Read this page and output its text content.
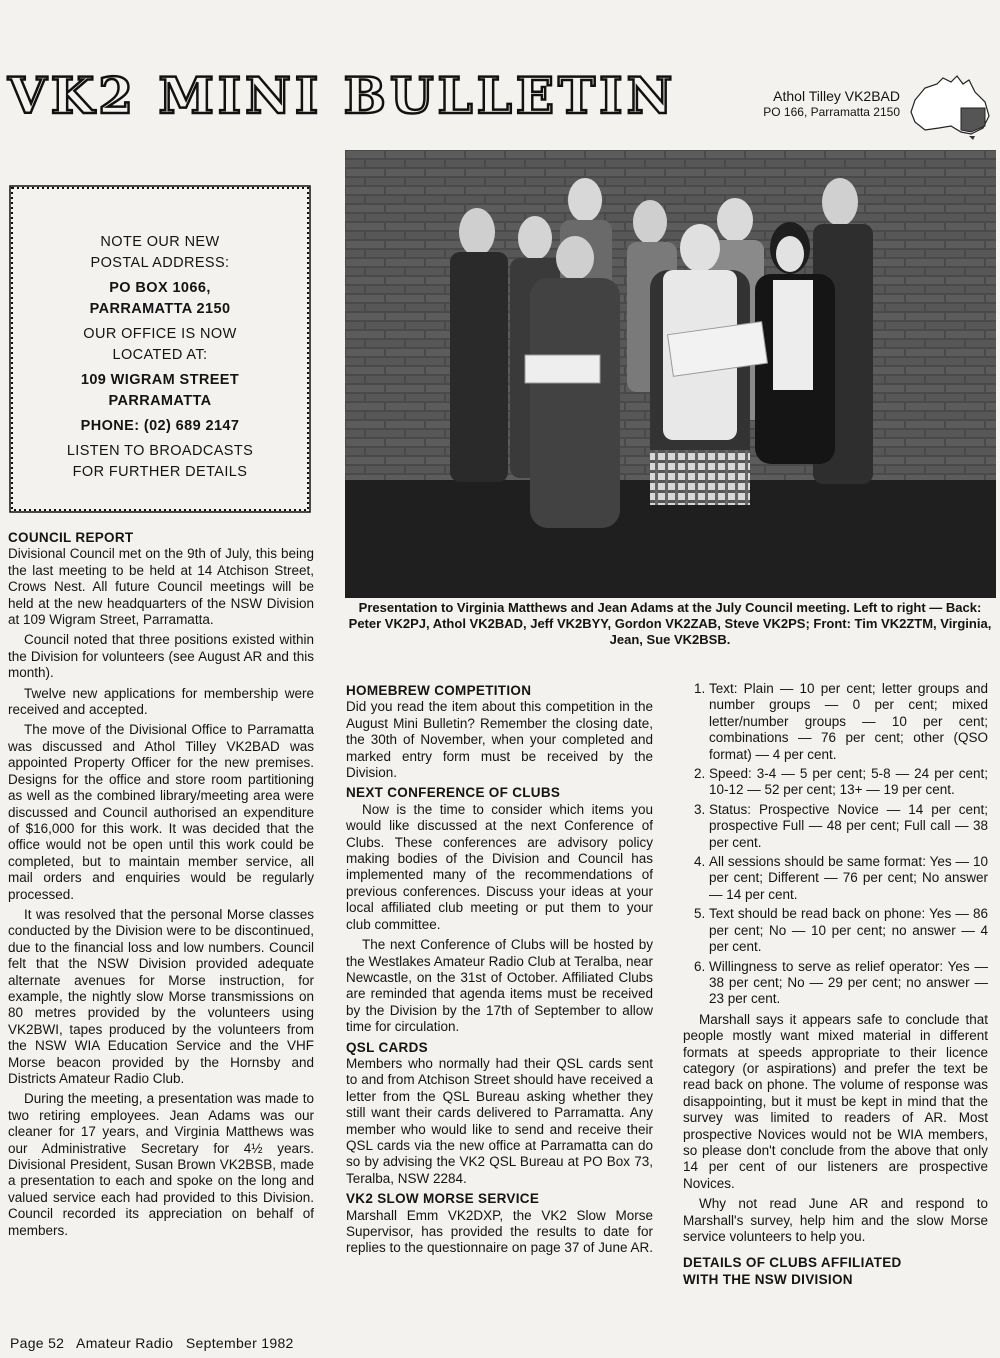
VK2 MINI BULLETIN	Athol Tilley VK2BAD
PO 166, Parramatta 2150

NOTE OUR NEW
POSTAL ADDRESS:

PO BOX 1066,
PARRAMATTA 2150

OUR OFFICE IS NOW
LOCATED AT:

109 WIGRAM STREET
PARRAMATTA

PHONE: (02) 689 2147

LISTEN TO BROADCASTS
FOR FURTHER DETAILS

Presentation to Virginia Matthews and Jean Adams at the July Council meeting. Left to right — Back: Peter VK2PJ, Athol VK2BAD, Jeff VK2BYY, Gordon VK2ZAB, Steve VK2PS; Front: Tim VK2ZTM, Virginia, Jean, Sue VK2BSB.
COUNCIL REPORT

Divisional Council met on the 9th of July, this being the last meeting to be held at 14 Atchison Street, Crows Nest. All future Council meetings will be held at the new headquarters of the NSW Division at 109 Wigram Street, Parramatta.

Council noted that three positions existed within the Division for volunteers (see August AR and this month).

Twelve new applications for membership were received and accepted.

The move of the Divisional Office to Parramatta was discussed and Athol Tilley VK2BAD was appointed Property Officer for the new premises. Designs for the office and store room partitioning as well as the combined library/meeting area were discussed and Council authorised an expenditure of $16,000 for this work. It was decided that the office would not be open until this work could be completed, but to maintain member service, all mail orders and enquiries would be regularly processed.

It was resolved that the personal Morse classes conducted by the Division were to be discontinued, due to the financial loss and low numbers. Council felt that the NSW Division provided adequate alternate avenues for Morse instruction, for example, the nightly slow Morse transmissions on 80 metres provided by the volunteers using VK2BWI, tapes produced by the volunteers from the NSW WIA Education Service and the VHF Morse beacon provided by the Hornsby and Districts Amateur Radio Club.

During the meeting, a presentation was made to two retiring employees. Jean Adams was our cleaner for 17 years, and Virginia Matthews was our Administrative Secretary for 4½ years. Divisional President, Susan Brown VK2BSB, made a presentation to each and spoke on the long and valued service each had provided to this Division. Council recorded its appreciation on behalf of members.

HOMEBREW COMPETITION

Did you read the item about this competition in the August Mini Bulletin? Remember the closing date, the 30th of November, when your completed and marked entry form must be received by the Division.

NEXT CONFERENCE OF CLUBS

Now is the time to consider which items you would like discussed at the next Conference of Clubs. These conferences are advisory policy making bodies of the Division and Council has implemented many of the recommendations of previous conferences. Discuss your ideas at your local affiliated club meeting or put them to your club committee.

The next Conference of Clubs will be hosted by the Westlakes Amateur Radio Club at Teralba, near Newcastle, on the 31st of October. Affiliated Clubs are reminded that agenda items must be received by the Division by the 17th of September to allow time for circulation.

QSL CARDS

Members who normally had their QSL cards sent to and from Atchison Street should have received a letter from the QSL Bureau asking whether they still want their cards delivered to Parramatta. Any member who would like to send and receive their QSL cards via the new office at Parramatta can do so by advising the VK2 QSL Bureau at PO Box 73, Teralba, NSW 2284.

VK2 SLOW MORSE SERVICE

Marshall Emm VK2DXP, the VK2 Slow Morse Supervisor, has provided the results to date for replies to the questionnaire on page 37 of June AR.

1. Text: Plain — 10 per cent; letter groups and number groups — 0 per cent; mixed letter/number groups — 10 per cent; combinations — 76 per cent; other (QSO format) — 4 per cent.
2. Speed: 3-4 — 5 per cent; 5-8 — 24 per cent; 10-12 — 52 per cent; 13+ — 19 per cent.
3. Status: Prospective Novice — 14 per cent; prospective Full — 48 per cent; Full call — 38 per cent.
4. All sessions should be same format: Yes — 10 per cent; Different — 76 per cent; No answer — 14 per cent.
5. Text should be read back on phone: Yes — 86 per cent; No — 10 per cent; no answer — 4 per cent.
6. Willingness to serve as relief operator: Yes — 38 per cent; No — 29 per cent; no answer — 23 per cent.

Marshall says it appears safe to conclude that people mostly want mixed material in different formats at speeds appropriate to their licence category (or aspirations) and prefer the text be read back on phone. The volume of response was disappointing, but it must be kept in mind that the survey was limited to readers of AR. Most prospective Novices would not be WIA members, so please don't conclude from the above that only 14 per cent of our listeners are prospective Novices.

Why not read June AR and respond to Marshall's survey, help him and the slow Morse service volunteers to help you.

DETAILS OF CLUBS AFFILIATED
WITH THE NSW DIVISION
Page 52   Amateur Radio   September 1982
